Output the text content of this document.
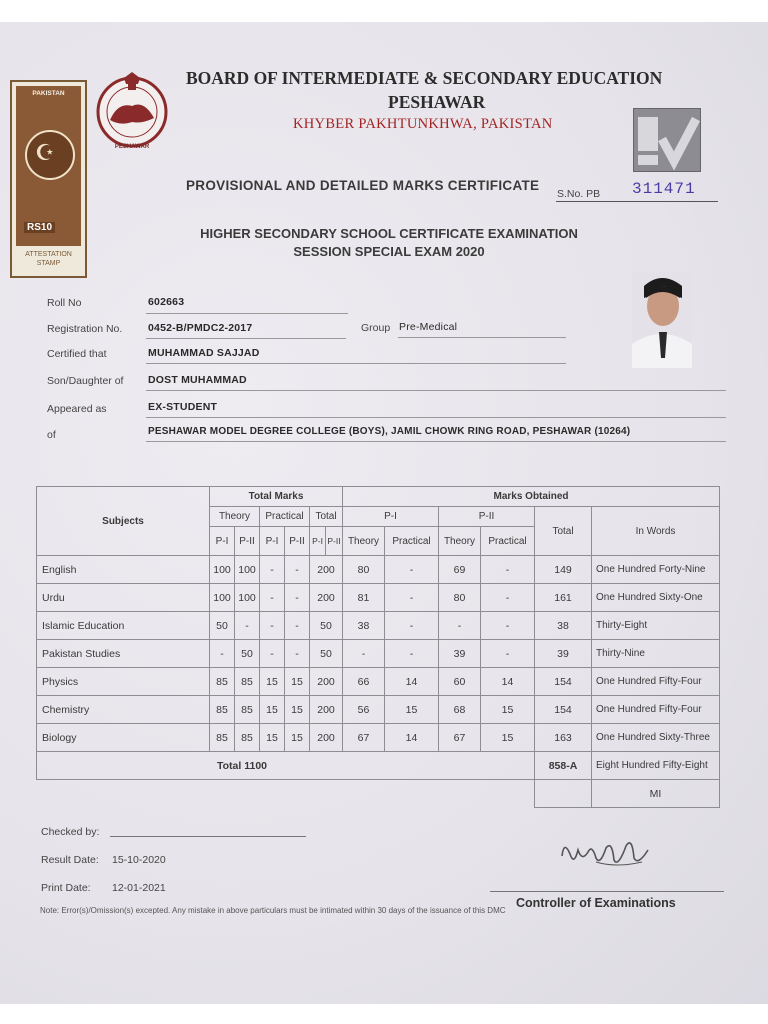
PAKISTAN
☪
RS10
ATTESTATION STAMP
PESHAWAR
BOARD OF INTERMEDIATE & SECONDARY EDUCATION
PESHAWAR
KHYBER PAKHTUNKHWA, PAKISTAN
PROVISIONAL AND DETAILED MARKS CERTIFICATE
S.No. PB 311471
HIGHER SECONDARY SCHOOL CERTIFICATE EXAMINATION
SESSION SPECIAL EXAM 2020
Roll No	602663
Registration No. 0452-B/PMDC2-2017	Group Pre-Medical
Certified that	MUHAMMAD SAJJAD
Son/Daughter of DOST MUHAMMAD
Appeared as	EX-STUDENT
of	PESHAWAR MODEL DEGREE COLLEGE (BOYS), JAMIL CHOWK RING ROAD, PESHAWAR (10264)
Subjects	Total Marks						Marks Obtained					
	Theory		Practical		Total		P-I		P-II		Total	In Words
	P-I	P-II	P-I	P-II	P-I	P-II	Theory	Practical	Theory	Practical		
English	100	100	-	-	200		80	-	69	-	149	One Hundred Forty-Nine
Urdu	100	100	-	-	200		81	-	80	-	161	One Hundred Sixty-One
Islamic Education	50	-	-	-	50		38	-	-	-	38	Thirty-Eight
Pakistan Studies	-	50	-	-	50		-	-	39	-	39	Thirty-Nine
Physics	85	85	15	15	200		66	14	60	14	154	One Hundred Fifty-Four
Chemistry	85	85	15	15	200		56	15	68	15	154	One Hundred Fifty-Four
Biology	85	85	15	15	200		67	14	67	15	163	One Hundred Sixty-Three
Total 1100											858-A	Eight Hundred Fifty-Eight
												MI
Checked by:
Result Date: 15-10-2020
Print Date: 12-01-2021
Controller of Examinations
Note: Error(s)/Omission(s) excepted. Any mistake in above particulars must be intimated within 30 days of the issuance of this DMC
